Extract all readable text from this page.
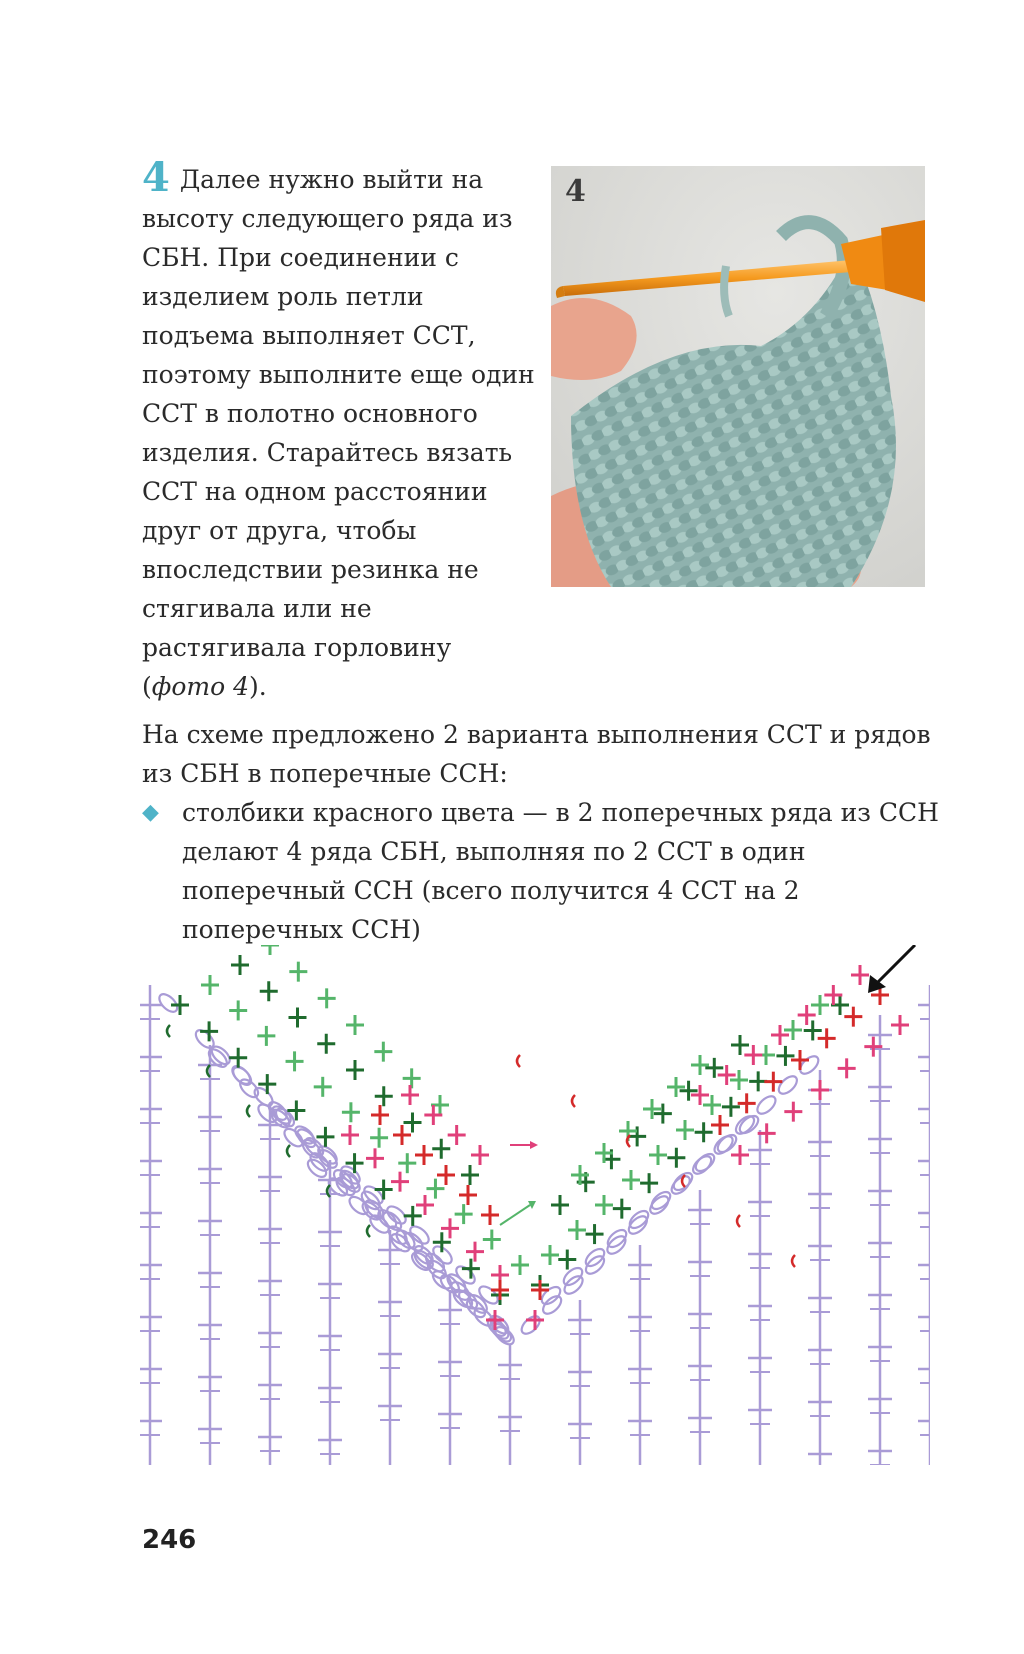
4 Далее нужно выйти на высоту следующего ряда из СБН. При соединении с изделием роль петли подъема выполняет ССТ, поэтому выполните еще один ССТ в полотно основного изделия. Старайтесь вязать ССТ на одном расстоянии друг от друга, чтобы впоследствии резинка не стягивала или не растягивала горловину (фото 4).
4
На схеме предложено 2 варианта выполнения ССТ и рядов из СБН в поперечные ССН:
◆ столбики красного цвета — в 2 поперечных ряда из ССН делают 4 ряда СБН, выполняя по 2 ССТ в один поперечный ССН (всего получится 4 ССТ на 2 поперечных ССН)
246
